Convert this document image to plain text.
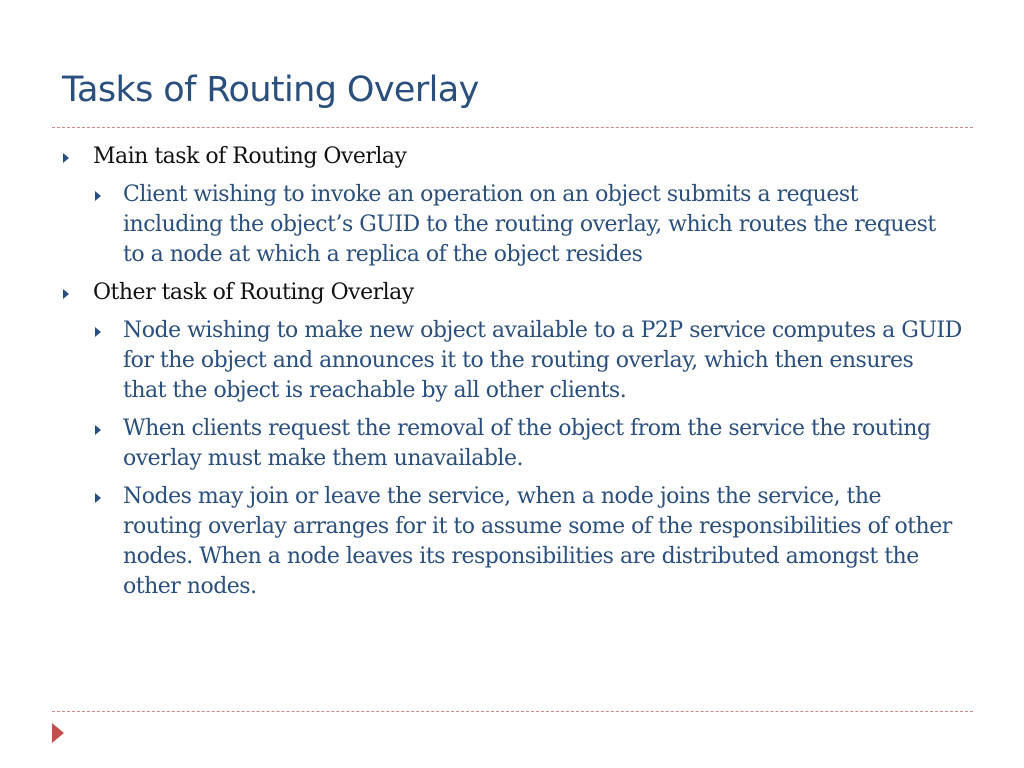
Tasks of Routing Overlay
Main task of Routing Overlay
Client wishing to invoke an operation on an object submits a request including the object’s GUID to the routing overlay, which routes the request to a node at which a replica of the object resides
Other task of Routing Overlay
Node wishing to make new object available to a P2P service computes a GUID for the object and announces it to the routing overlay, which then ensures that the object is reachable by all other clients.
When clients request the removal of the object from the service the routing overlay must make them unavailable.
Nodes may join or leave the service, when a node joins the service, the routing overlay arranges for it to assume some of the responsibilities of other nodes. When a node leaves its responsibilities are distributed amongst the other nodes.
